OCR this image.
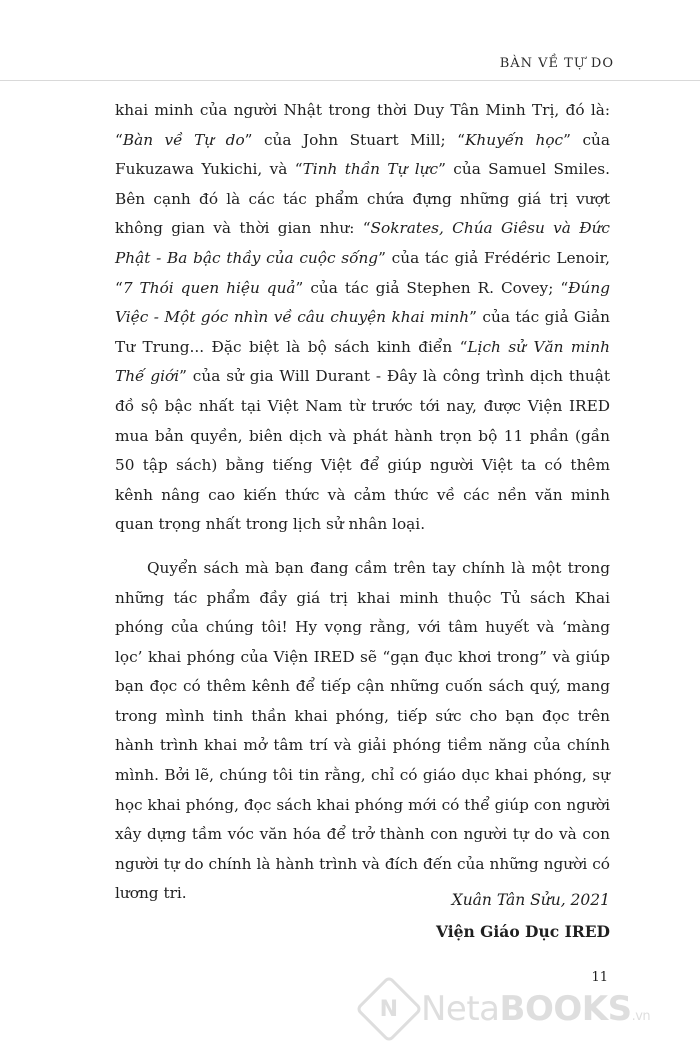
BÀN VỀ TỰ DO

khai minh của người Nhật trong thời Duy Tân Minh Trị, đó là: “Bàn về Tự do” của John Stuart Mill; “Khuyến học” của Fukuzawa Yukichi, và “Tinh thần Tự lực” của Samuel Smiles. Bên cạnh đó là các tác phẩm chứa đựng những giá trị vượt không gian và thời gian như: “Sokrates, Chúa Giêsu và Đức Phật - Ba bậc thầy của cuộc sống” của tác giả Frédéric Lenoir, “7 Thói quen hiệu quả” của tác giả Stephen R. Covey; “Đúng Việc - Một góc nhìn về câu chuyện khai minh” của tác giả Giản Tư Trung... Đặc biệt là bộ sách kinh điển “Lịch sử Văn minh Thế giới” của sử gia Will Durant - Đây là công trình dịch thuật đồ sộ bậc nhất tại Việt Nam từ trước tới nay, được Viện IRED mua bản quyền, biên dịch và phát hành trọn bộ 11 phần (gần 50 tập sách) bằng tiếng Việt để giúp người Việt ta có thêm kênh nâng cao kiến thức và cảm thức về các nền văn minh quan trọng nhất trong lịch sử nhân loại.

Quyển sách mà bạn đang cầm trên tay chính là một trong những tác phẩm đầy giá trị khai minh thuộc Tủ sách Khai phóng của chúng tôi! Hy vọng rằng, với tâm huyết và ‘màng lọc’ khai phóng của Viện IRED sẽ “gạn đục khơi trong” và giúp bạn đọc có thêm kênh để tiếp cận những cuốn sách quý, mang trong mình tinh thần khai phóng, tiếp sức cho bạn đọc trên hành trình khai mở tâm trí và giải phóng tiềm năng của chính mình. Bởi lẽ, chúng tôi tin rằng, chỉ có giáo dục khai phóng, sự học khai phóng, đọc sách khai phóng mới có thể giúp con người xây dựng tầm vóc văn hóa để trở thành con người tự do và con người tự do chính là hành trình và đích đến của những người có lương tri.	Xuân Tân Sửu, 2021
Viện Giáo Dục IRED
11
N NetaBOOKS.vn
